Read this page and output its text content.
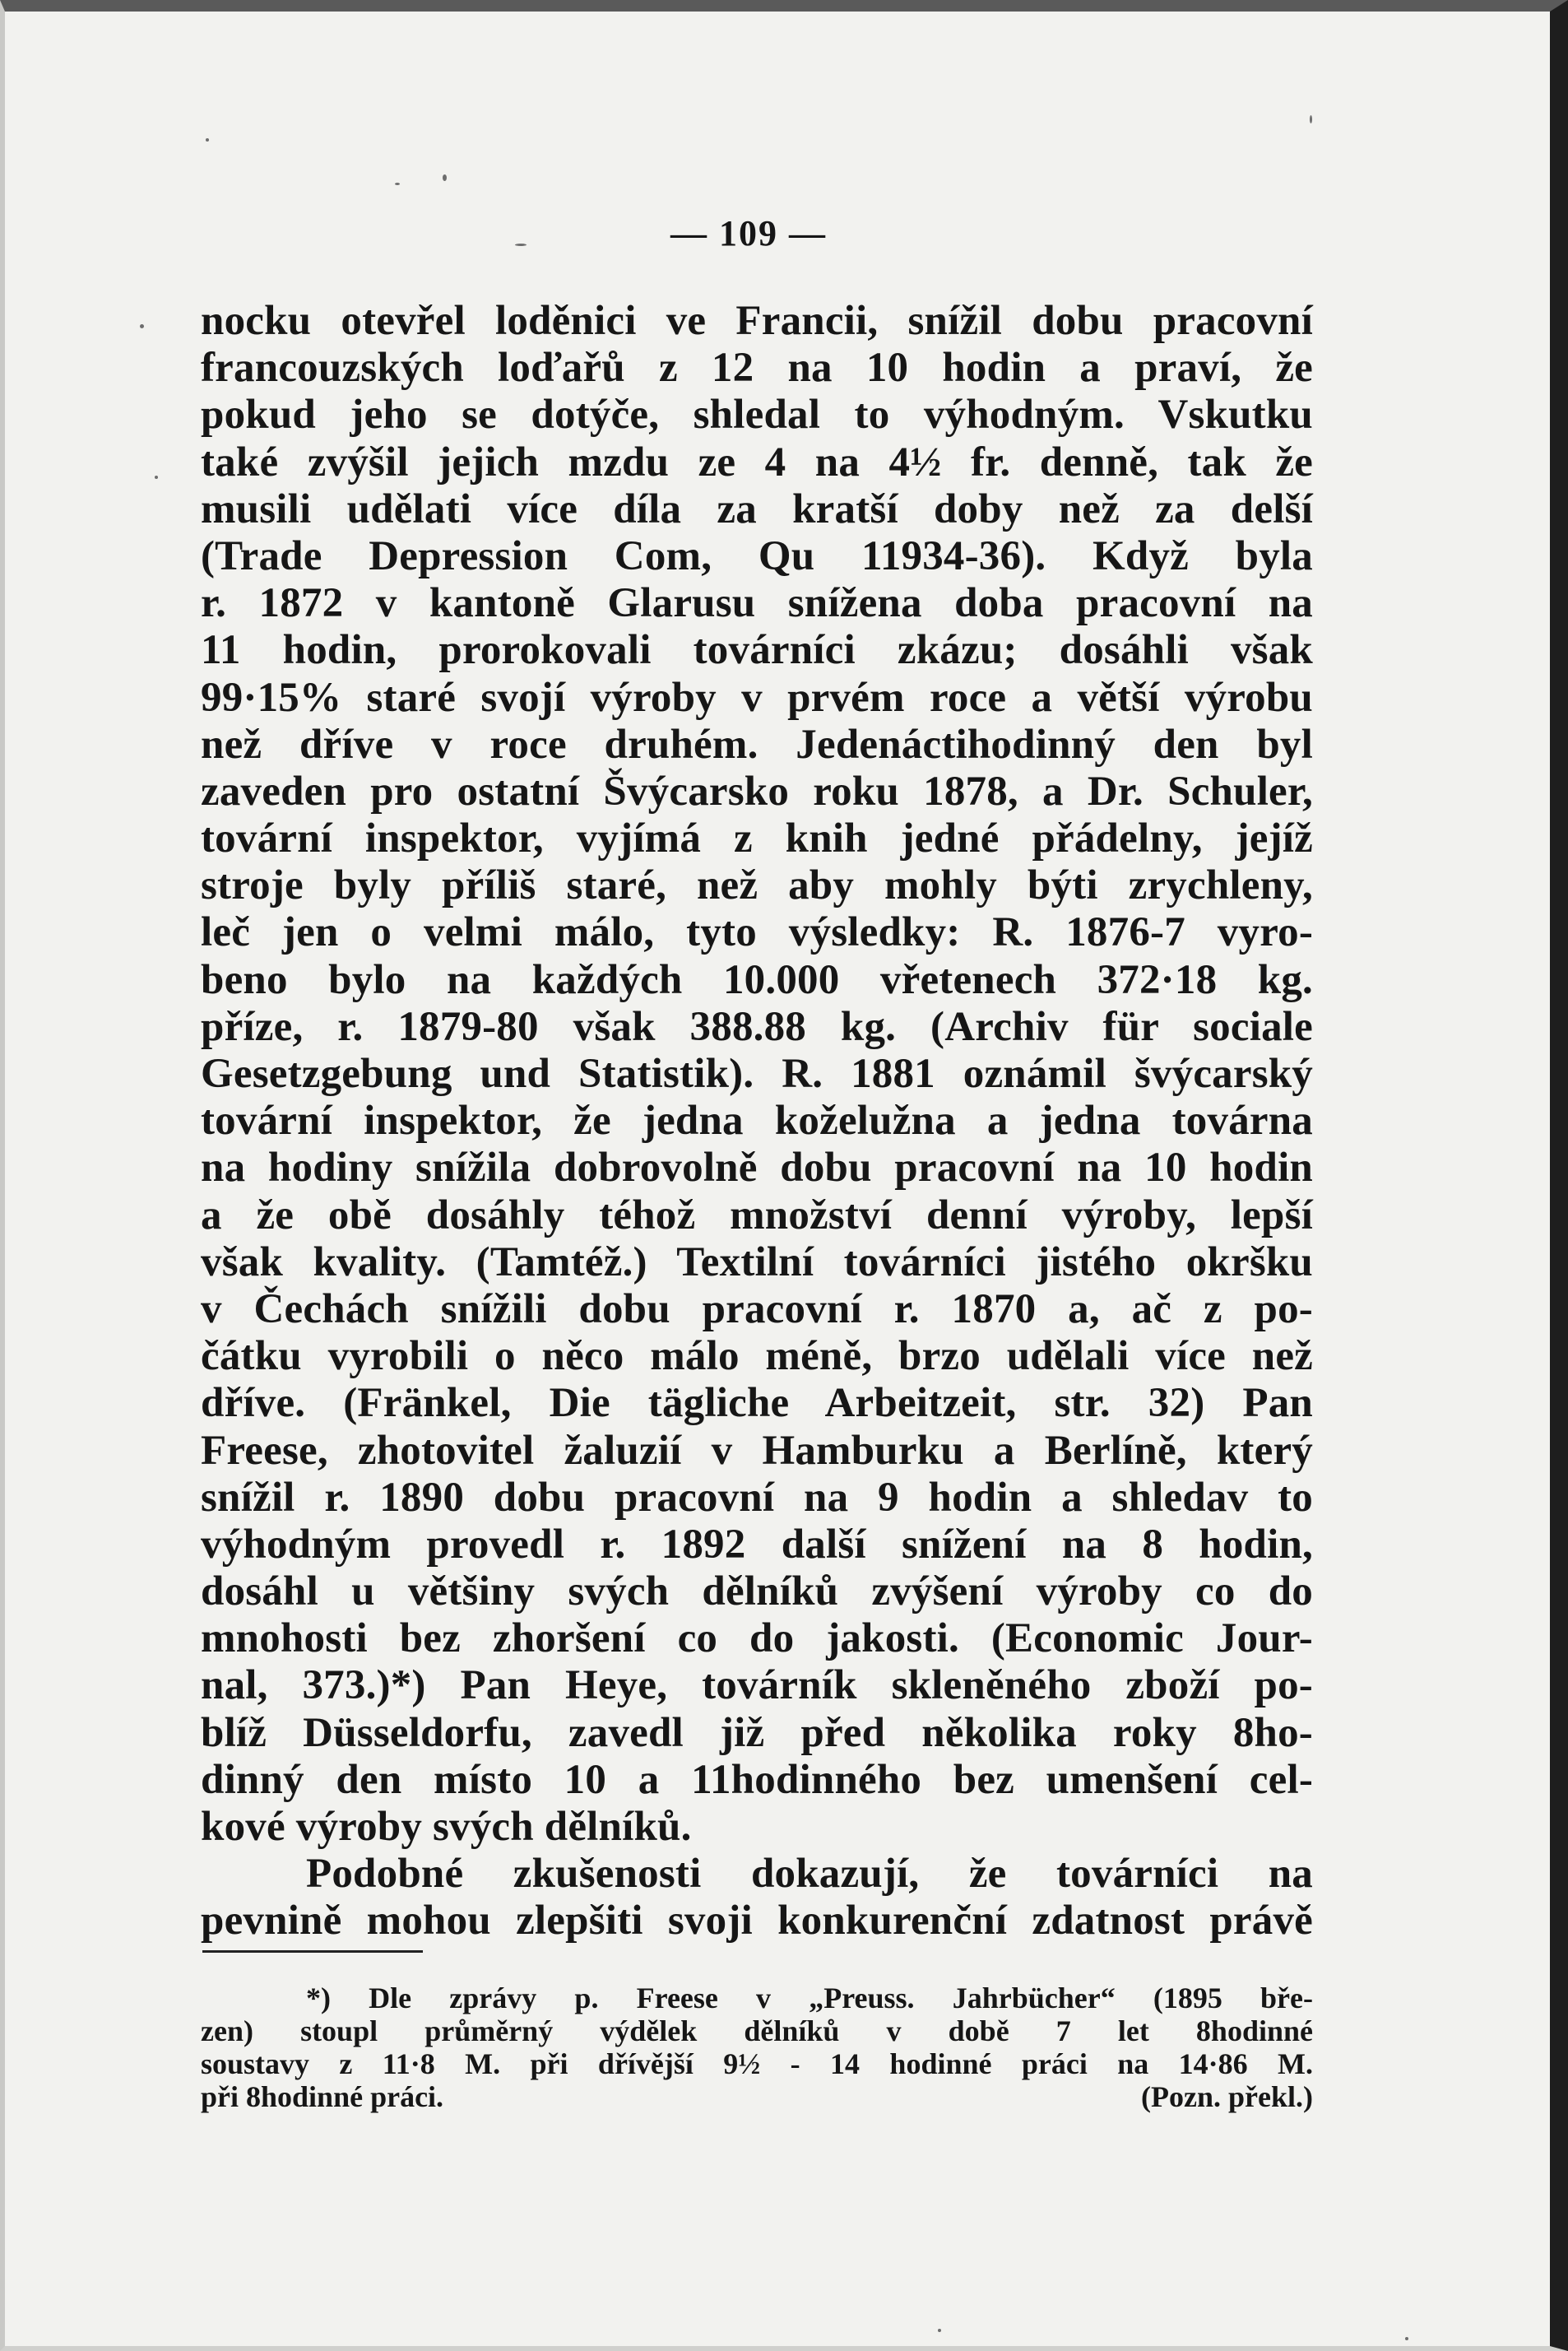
— 109 —
nocku otevřel loděnici ve Francii, snížil dobu pracovní
francouzských loďařů z 12 na 10 hodin a praví, že
pokud jeho se dotýče, shledal to výhodným. Vskutku
také zvýšil jejich mzdu ze 4 na 4½ fr. denně, tak že
musili udělati více díla za kratší doby než za delší
(Trade Depression Com, Qu 11934-36). Když byla
r. 1872 v kantoně Glarusu snížena doba pracovní na
11 hodin, prorokovali továrníci zkázu; dosáhli však
99·15% staré svojí výroby v prvém roce a větší výrobu
než dříve v roce druhém. Jedenáctihodinný den byl
zaveden pro ostatní Švýcarsko roku 1878, a Dr. Schuler,
tovární inspektor, vyjímá z knih jedné přádelny, jejíž
stroje byly příliš staré, než aby mohly býti zrychleny,
leč jen o velmi málo, tyto výsledky: R. 1876-7 vyro-
beno bylo na každých 10.000 vřetenech 372·18 kg.
příze, r. 1879-80 však 388.88 kg. (Archiv für sociale
Gesetzgebung und Statistik). R. 1881 oznámil švýcarský
tovární inspektor, že jedna koželužna a jedna továrna
na hodiny snížila dobrovolně dobu pracovní na 10 hodin
a že obě dosáhly téhož množství denní výroby, lepší
však kvality. (Tamtéž.) Textilní továrníci jistého okršku
v Čechách snížili dobu pracovní r. 1870 a, ač z po-
čátku vyrobili o něco málo méně, brzo udělali více než
dříve. (Fränkel, Die tägliche Arbeitzeit, str. 32) Pan
Freese, zhotovitel žaluzií v Hamburku a Berlíně, který
snížil r. 1890 dobu pracovní na 9 hodin a shledav to
výhodným provedl r. 1892 další snížení na 8 hodin,
dosáhl u většiny svých dělníků zvýšení výroby co do
mnohosti bez zhoršení co do jakosti. (Economic Jour-
nal, 373.)*) Pan Heye, továrník skleněného zboží po-
blíž Düsseldorfu, zavedl již před několika roky 8ho-
dinný den místo 10 a 11hodinného bez umenšení cel-
kové výroby svých dělníků.
Podobné zkušenosti dokazují, že továrníci na
pevnině mohou zlepšiti svoji konkurenční zdatnost právě
*) Dle zprávy p. Freese v „Preuss. Jahrbücher“ (1895 bře-
zen) stoupl průměrný výdělek dělníků v době 7 let 8hodinné
soustavy z 11·8 M. při dřívější 9½ - 14 hodinné práci na 14·86 M.
při 8hodinné práci.	(Pozn. překl.)
